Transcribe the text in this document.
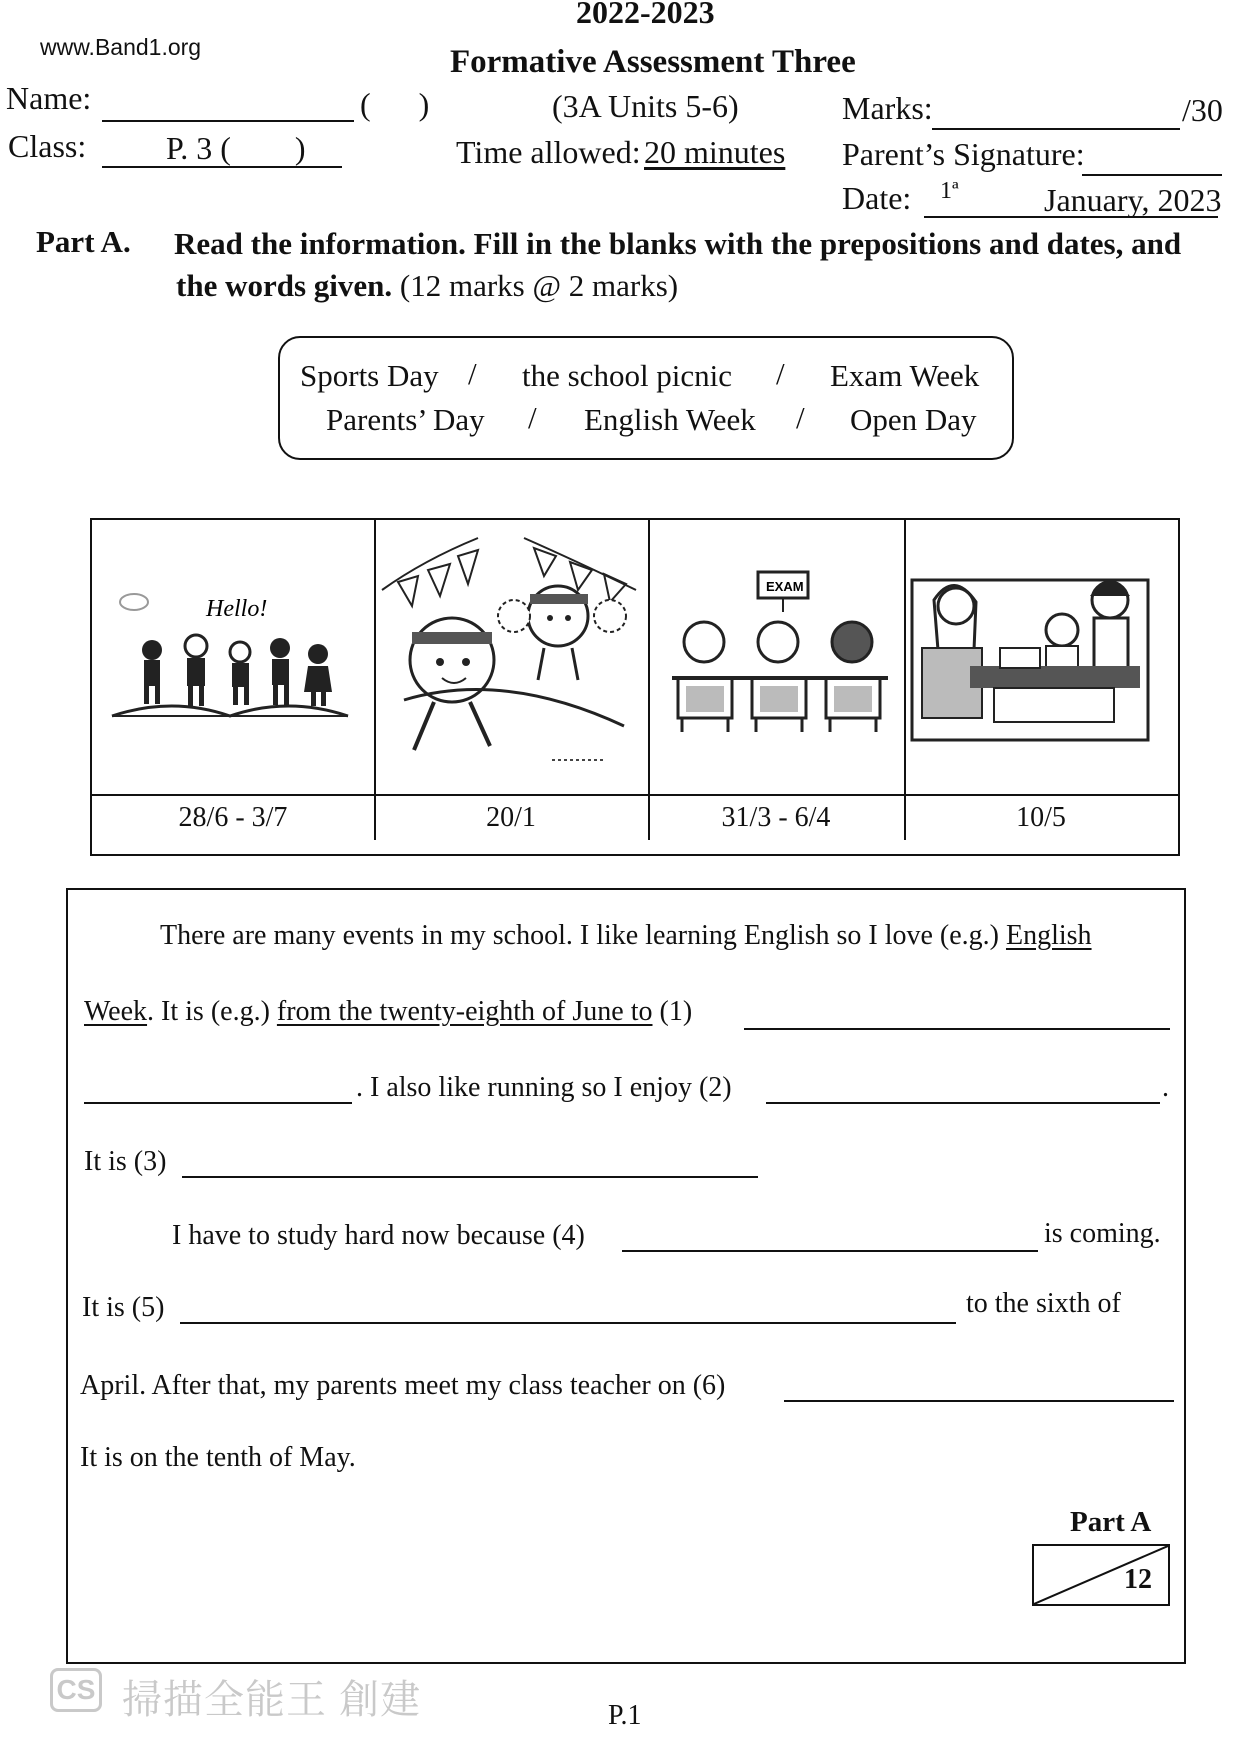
2022-2023
www.Band1.org	Formative Assessment Three
Name:	(      )	(3A Units 5-6)	Marks:	/30
Class:	P. 3 (        )	Time allowed: 20 minutes Parent’s Signature:
Date: 1ª	January, 2023
Part A. Read the information. Fill in the blanks with the prepositions and dates, and
the words given. (12 marks @ 2 marks)
Sports Day / the school picnic / Exam Week
Parents’ Day / English Week / Open Day
Hello!
EXAM
28/6 - 3/7	20/1	31/3 - 6/4	10/5
There are many events in my school. I like learning English so I love (e.g.) English
Week. It is (e.g.) from the twenty-eighth of June to (1)
. I also like running so I enjoy (2)	.
It is (3)
I have to study hard now because (4)	is coming.
It is (5)	to the sixth of
April. After that, my parents meet my class teacher on (6)
It is on the tenth of May.
Part A
12
CS 掃描全能王 創建	P.1
